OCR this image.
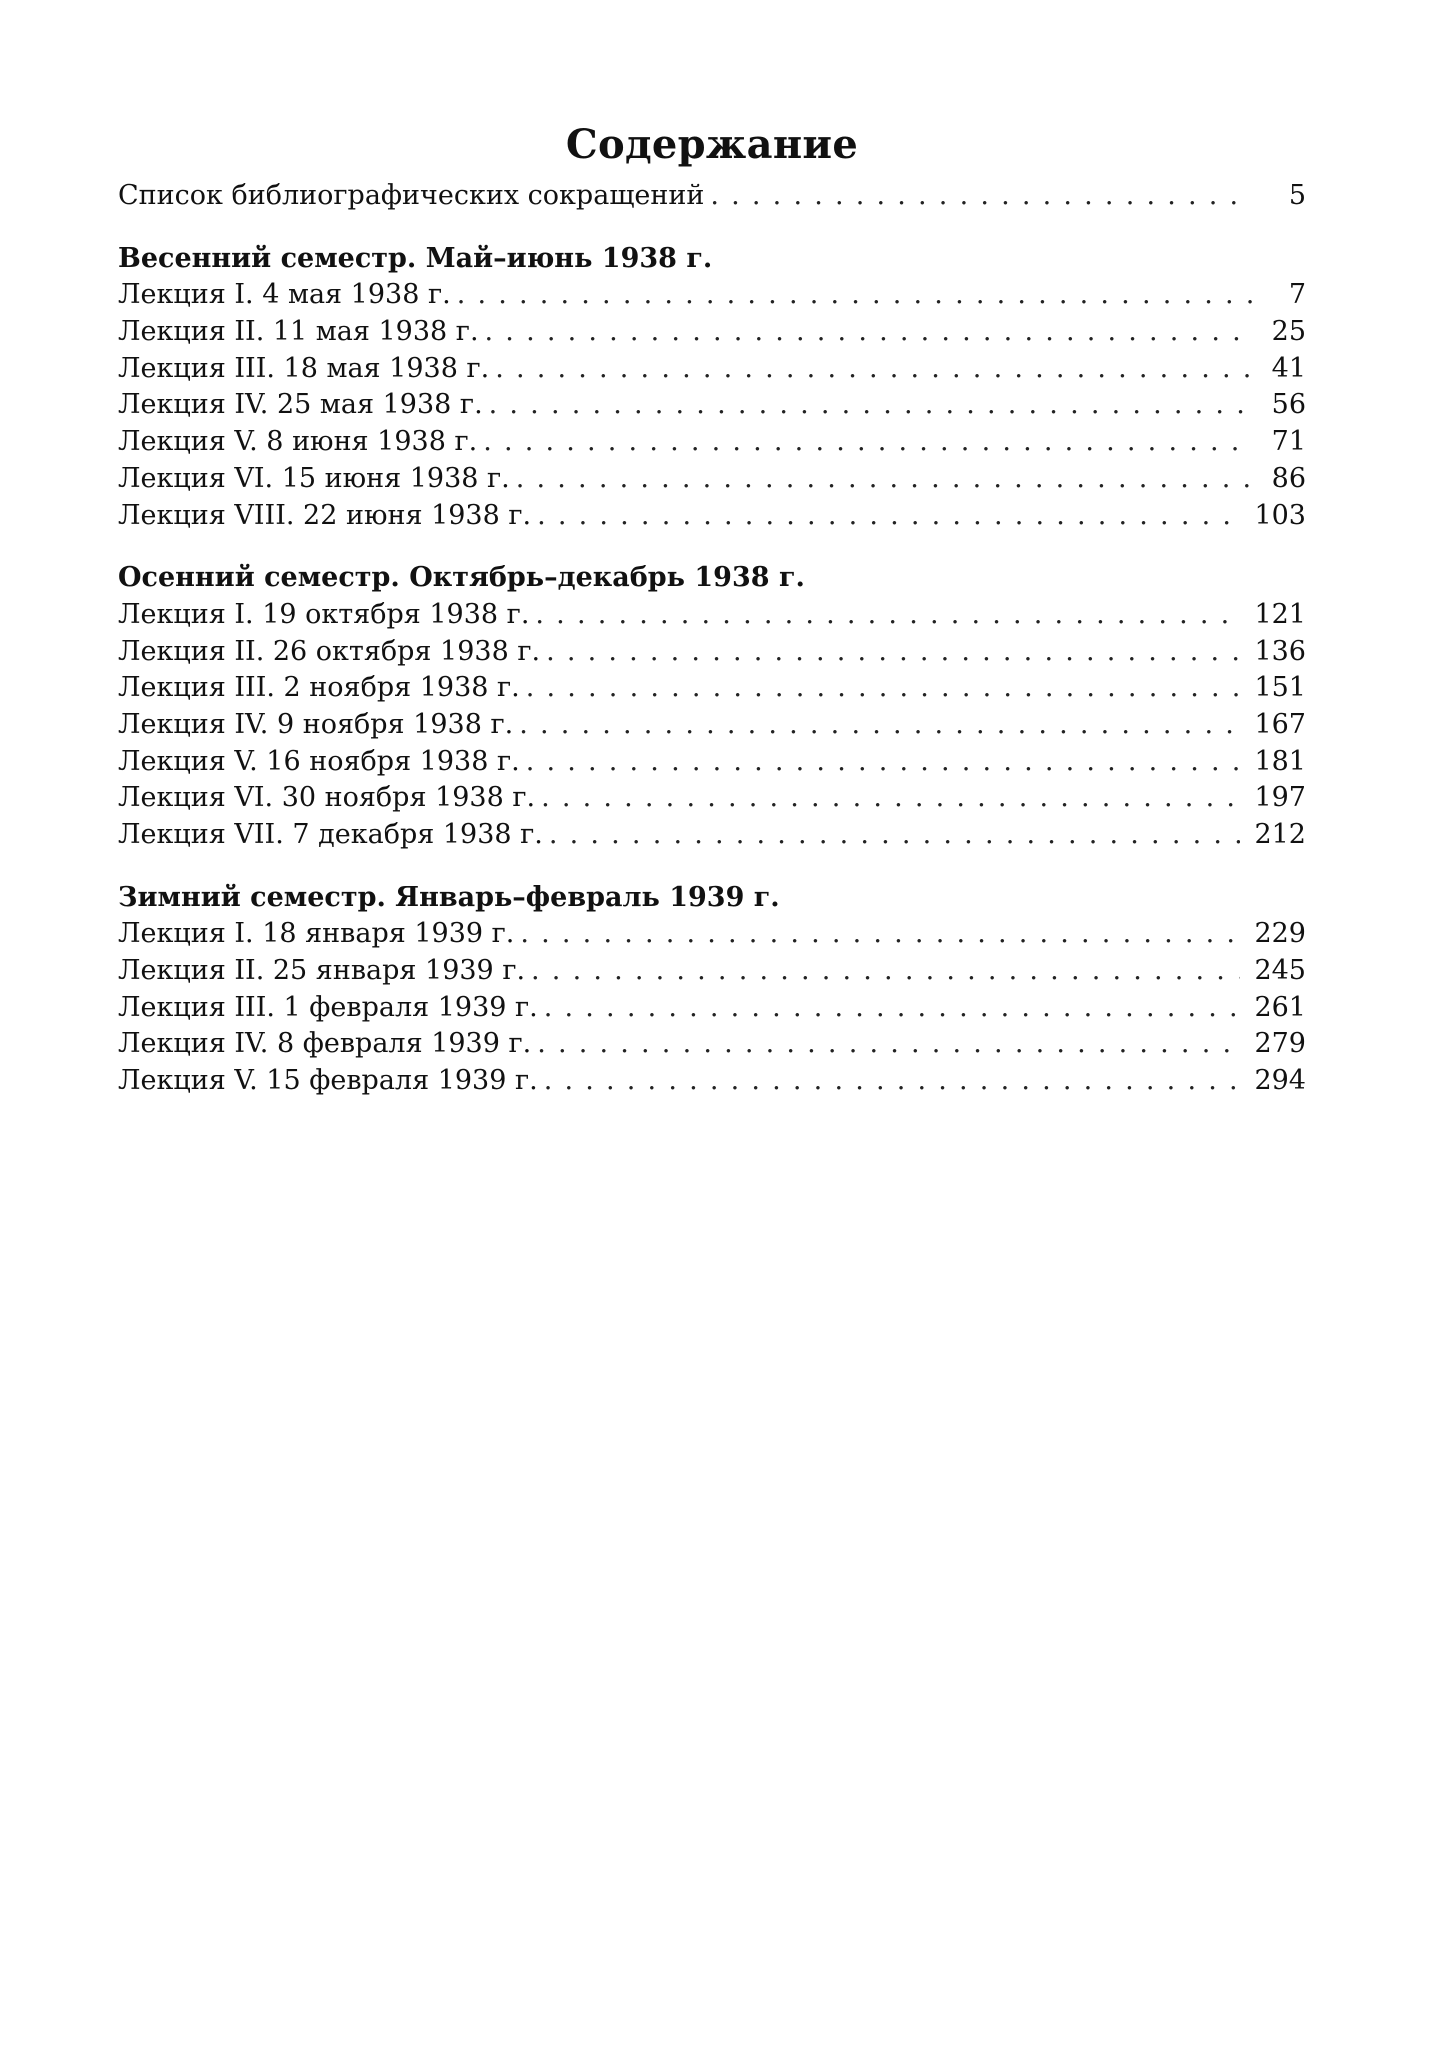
Содержание
Список библиографических сокращений . . .	5
Весенний семестр. Май–июнь 1938 г.
Лекция I. 4 мая 1938 г. . . .	7
Лекция II. 11 мая 1938 г. . . .	25
Лекция III. 18 мая 1938 г. . . .	41
Лекция IV. 25 мая 1938 г. . . .	56
Лекция V. 8 июня 1938 г. . . .	71
Лекция VI. 15 июня 1938 г. . . .	86
Лекция VIII. 22 июня 1938 г. . . .	103
Осенний семестр. Октябрь–декабрь 1938 г.
Лекция I. 19 октября 1938 г. . . .	121
Лекция II. 26 октября 1938 г. . . .	136
Лекция III. 2 ноября 1938 г. . . .	151
Лекция IV. 9 ноября 1938 г. . . .	167
Лекция V. 16 ноября 1938 г. . . .	181
Лекция VI. 30 ноября 1938 г. . . .	197
Лекция VII. 7 декабря 1938 г. . . .	212
Зимний семестр. Январь–февраль 1939 г.
Лекция I. 18 января 1939 г. . . .	229
Лекция II. 25 января 1939 г. . . .	245
Лекция III. 1 февраля 1939 г. . . .	261
Лекция IV. 8 февраля 1939 г. . . .	279
Лекция V. 15 февраля 1939 г. . . .	294
